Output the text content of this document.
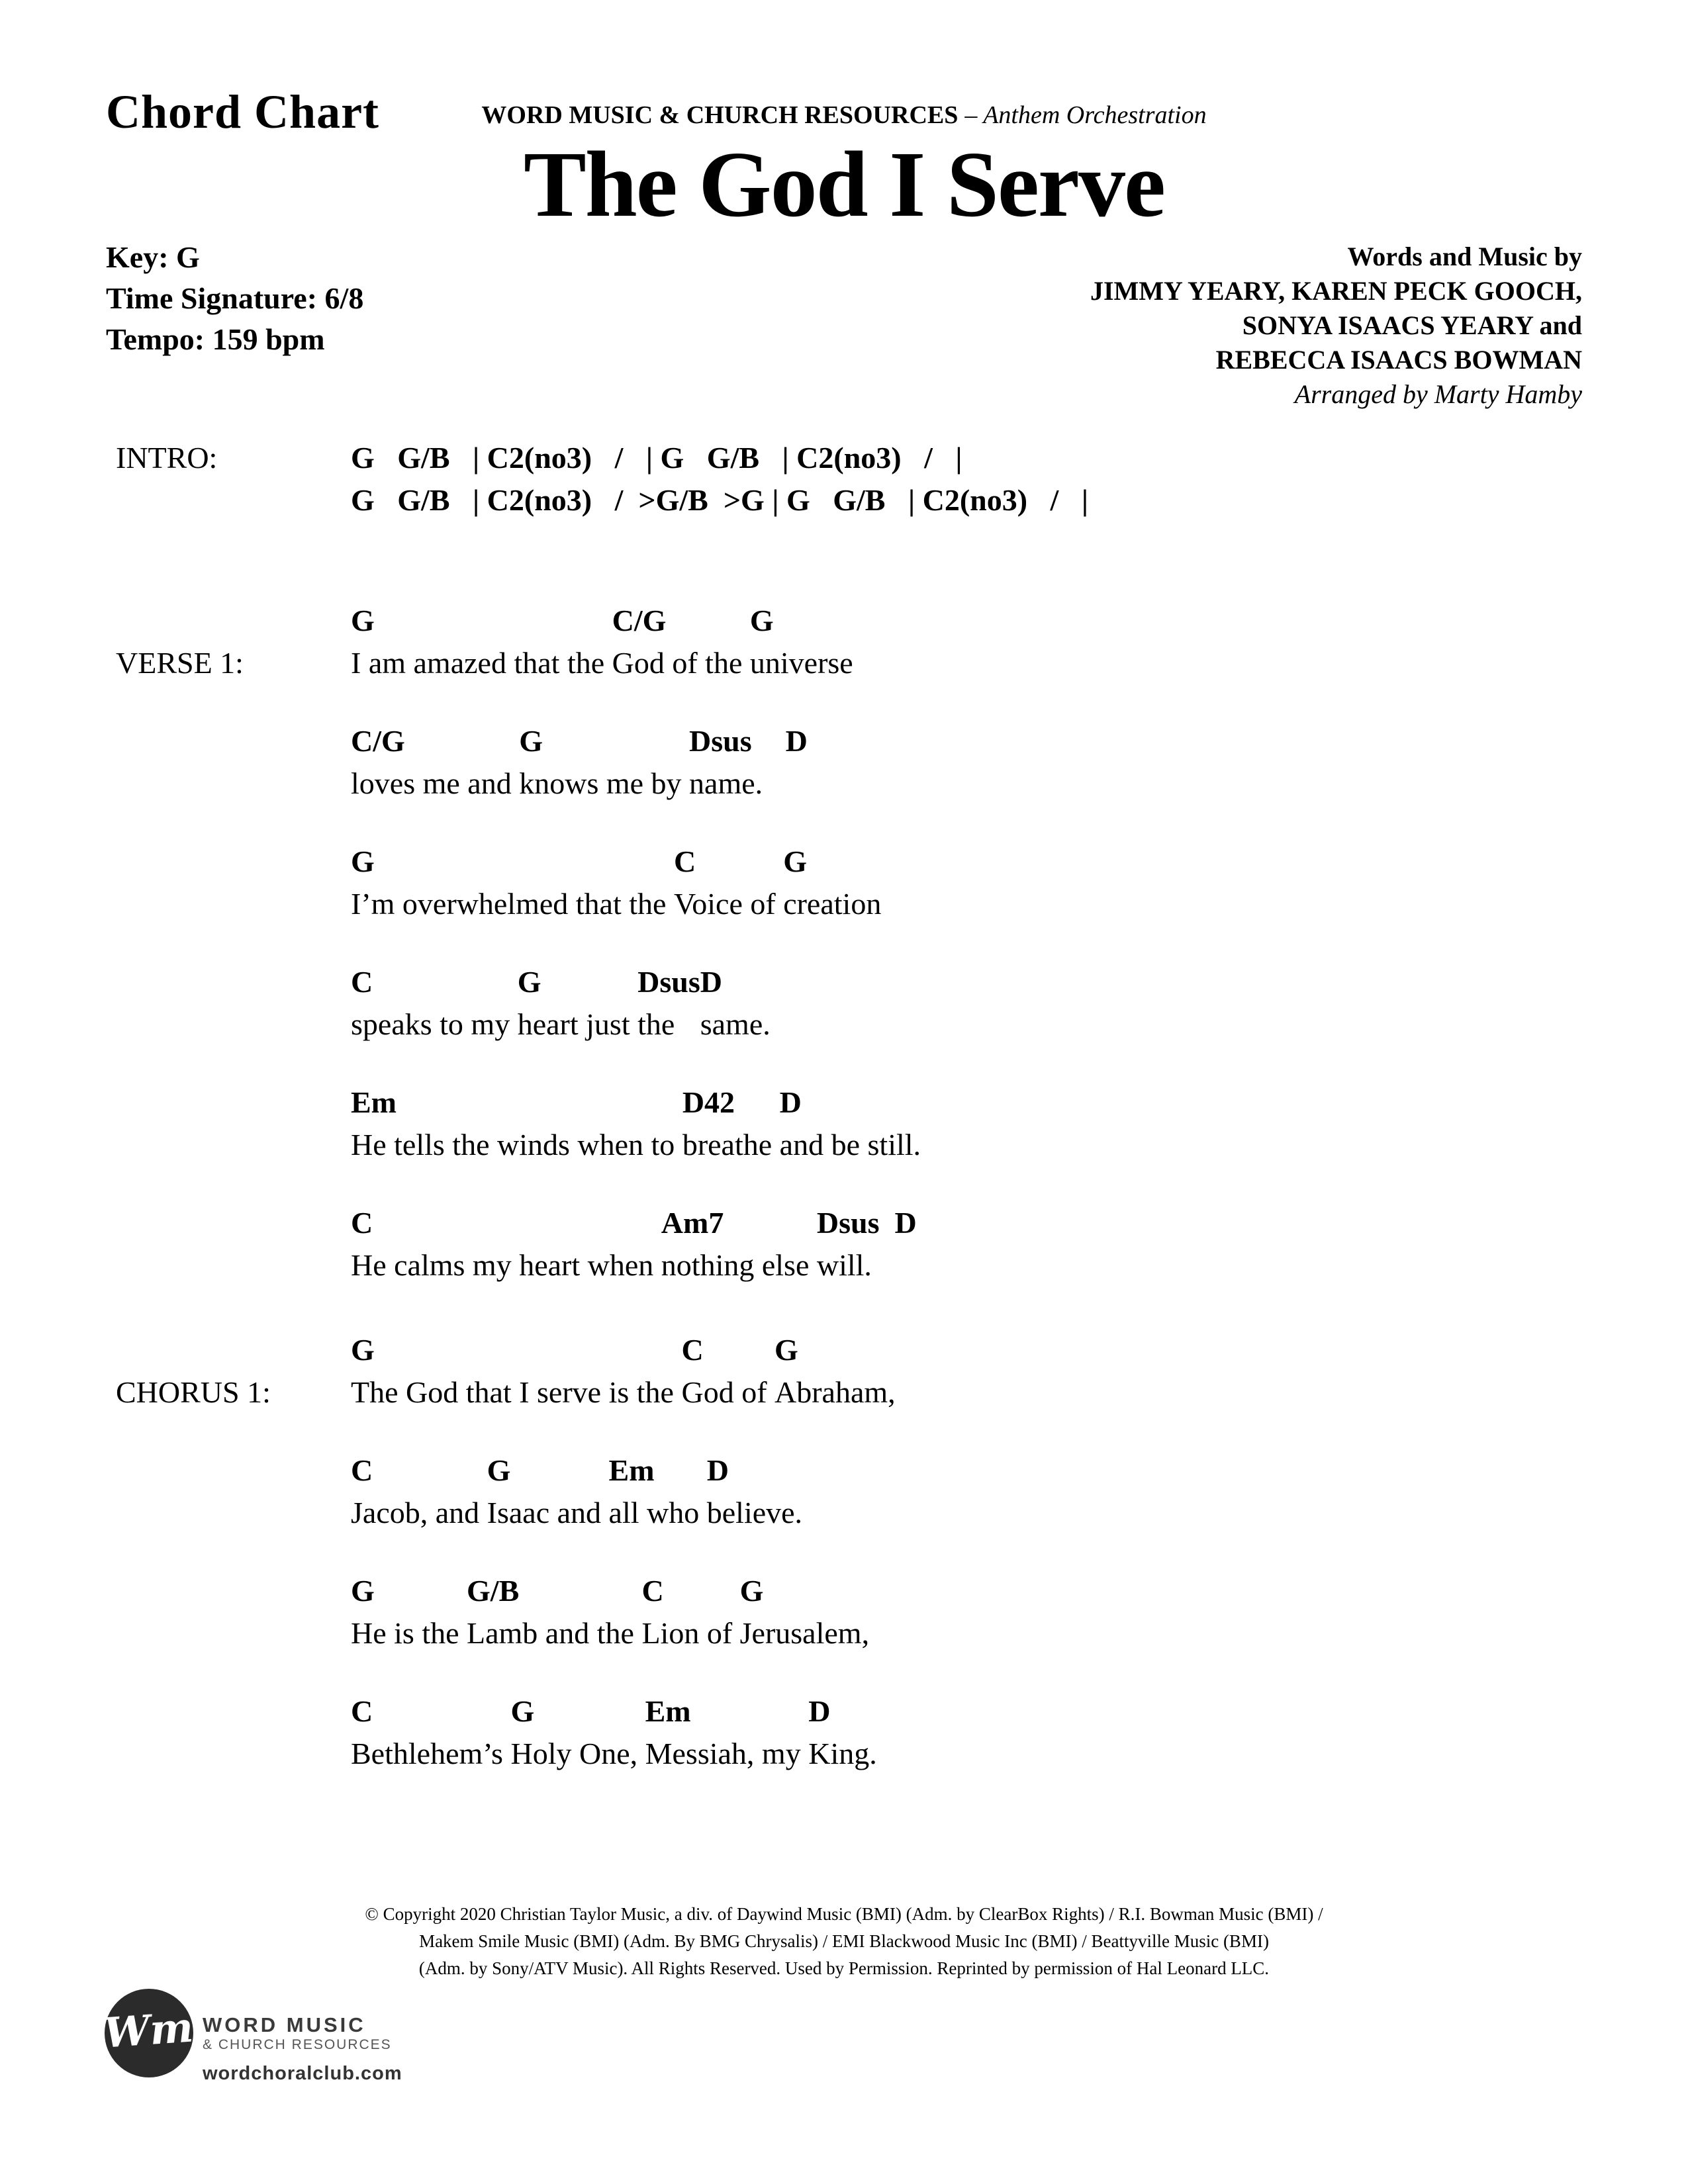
Chord Chart	WORD MUSIC & CHURCH RESOURCES – Anthem Orchestration
The God I Serve
Key: G
Time Signature: 6/8
Tempo: 159 bpm
Words and Music by
JIMMY YEARY, KAREN PECK GOOCH,
SONYA ISAACS YEARY and
REBECCA ISAACS BOWMAN
Arranged by Marty Hamby
INTRO:	G   G/B   | C2(no3)   /   | G   G/B   | C2(no3)   /   |
G   G/B   | C2(no3)   /  >G/B  >G | G   G/B   | C2(no3)   /   |
VERSE 1:
G
I am amazed that the
C/G
God of the
G
universe
C/G
loves me and
G
knows me by
Dsus
name.
D
G
I’m overwhelmed that the
C
Voice of
G
creation
C
speaks to my
G
heart just
Dsus
the
D
same.
Em
He tells the winds when to
D42
breathe
D
and be still.
C
He calms my heart when
Am7
nothing else
Dsus
will.
D
CHORUS 1:
G
The God that I serve is the
C
God of
G
Abraham,
C
Jacob, and
G
Isaac and
Em
all who
D
believe.
G
He is the
G/B
Lamb and the
C
Lion of
G
Jerusalem,
C
Bethlehem’s
G
Holy One,
Em
Messiah, my
D
King.
© Copyright 2020 Christian Taylor Music, a div. of Daywind Music (BMI) (Adm. by ClearBox Rights) / R.I. Bowman Music (BMI) /
Makem Smile Music (BMI) (Adm. By BMG Chrysalis) / EMI Blackwood Music Inc (BMI) / Beattyville Music (BMI)
(Adm. by Sony/ATV Music). All Rights Reserved. Used by Permission. Reprinted by permission of Hal Leonard LLC.
Wm WORD MUSIC
& CHURCH RESOURCES
wordchoralclub.com
